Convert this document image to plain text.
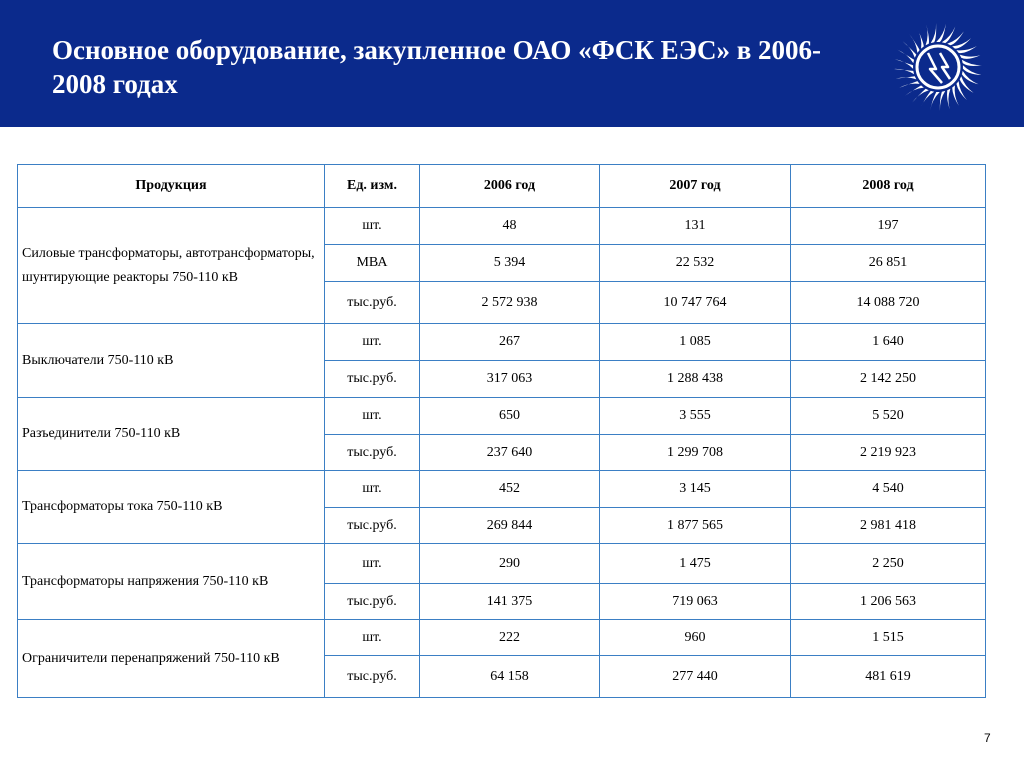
Основное оборудование, закупленное ОАО «ФСК ЕЭС» в 2006-2008 годах
Продукция	Ед. изм.	2006 год	2007 год	2008 год
Силовые трансформаторы, автотрансформаторы, шунтирующие реакторы 750-110 кВ	шт.	48	131	197
	МВА	5 394	22 532	26 851
	тыс.руб.	2 572 938	10 747 764	14 088 720
Выключатели 750-110 кВ	шт.	267	1 085	1 640
	тыс.руб.	317 063	1 288 438	2 142 250
Разъединители 750-110 кВ	шт.	650	3 555	5 520
	тыс.руб.	237 640	1 299 708	2 219 923
Трансформаторы тока 750-110 кВ	шт.	452	3 145	4 540
	тыс.руб.	269 844	1 877 565	2 981 418
Трансформаторы напряжения 750-110 кВ	шт.	290	1 475	2 250
	тыс.руб.	141 375	719 063	1 206 563
Ограничители перенапряжений 750-110 кВ	шт.	222	960	1 515
	тыс.руб.	64 158	277 440	481 619
7
